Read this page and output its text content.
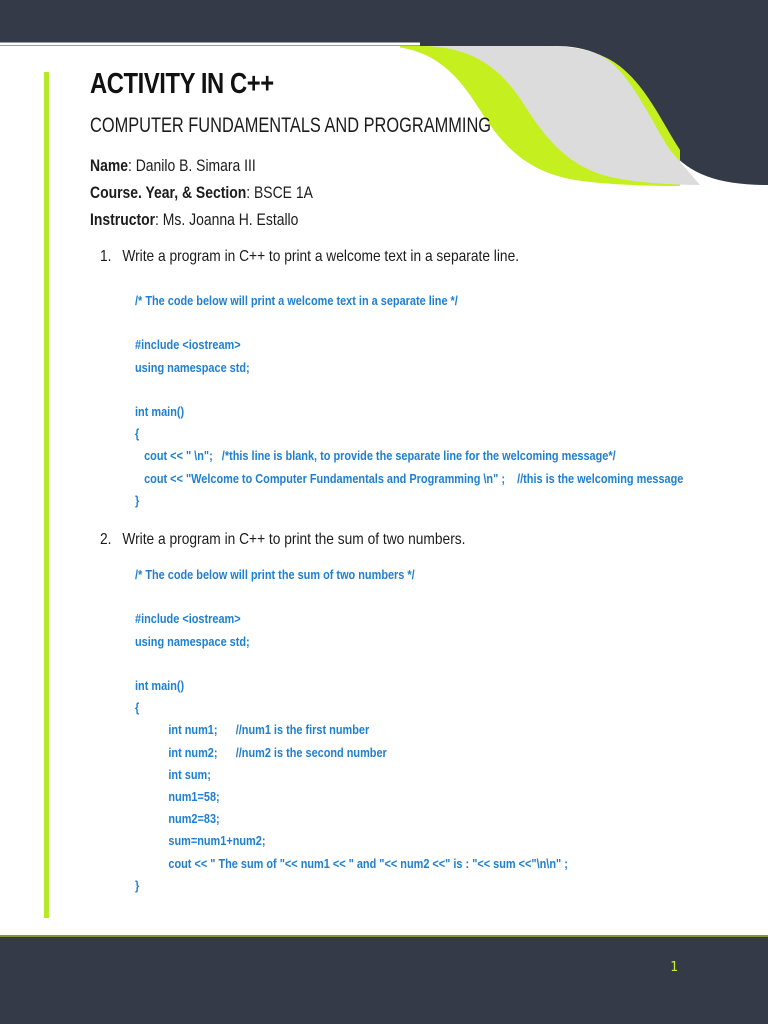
ACTIVITY IN C++
COMPUTER FUNDAMENTALS AND PROGRAMMING
Name: Danilo B. Simara III
Course. Year, & Section: BSCE 1A
Instructor: Ms. Joanna H. Estallo
1. Write a program in C++ to print a welcome text in a separate line.
/* The code below will print a welcome text in a separate line */
#include <iostream>
using namespace std;
int main()
{
cout << " \n";   /*this line is blank, to provide the separate line for the welcoming message*/
cout << "Welcome to Computer Fundamentals and Programming \n" ;    //this is the welcoming message
}
2. Write a program in C++ to print the sum of two numbers.
/* The code below will print the sum of two numbers */
#include <iostream>
using namespace std;
int main()
{
int num1;      //num1 is the first number
int num2;      //num2 is the second number
int sum;
num1=58;
num2=83;
sum=num1+num2;
cout << " The sum of "<< num1 << " and "<< num2 <<" is : "<< sum <<"\n\n" ;
}
1
